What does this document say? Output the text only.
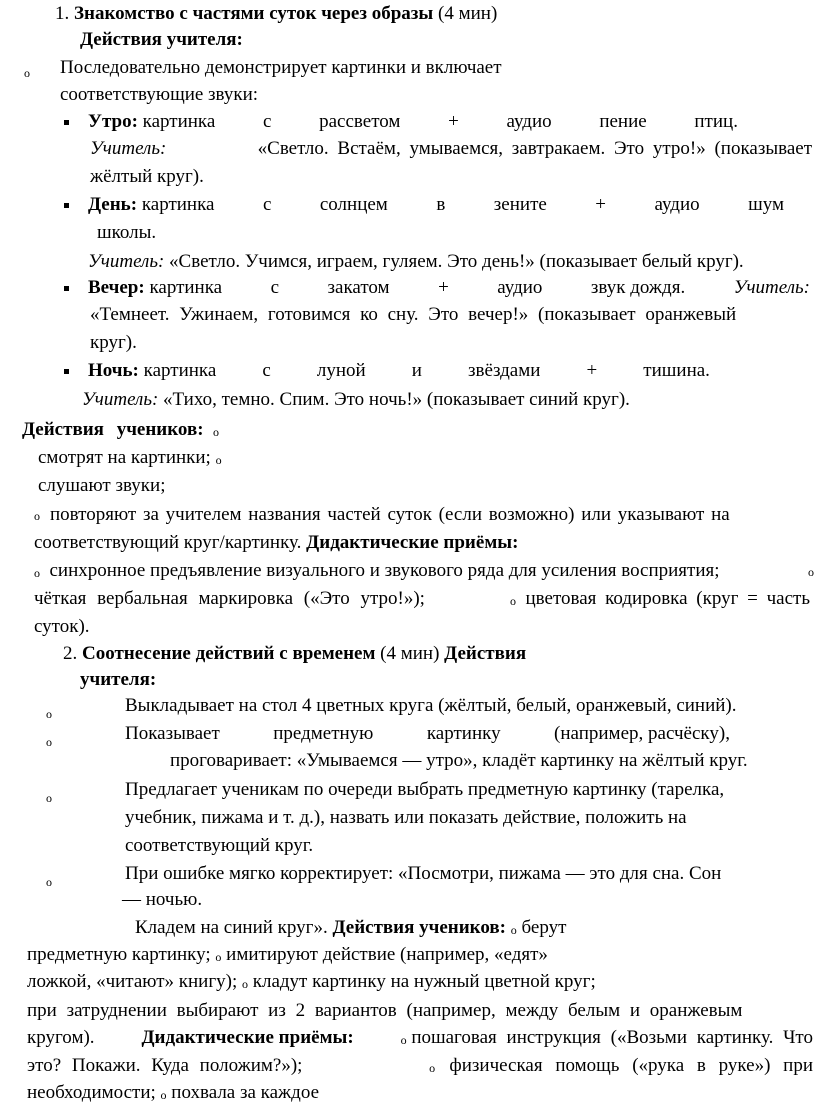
1. Знакомство с частями суток через образы (4 мин)
Действия учителя:
o Последовательно демонстрирует картинки и включает
соответствующие звуки:
Утро: картинка	с	рассветом	+	аудио	пение	птиц.
Учитель:	«Светло. Встаём, умываемся, завтракаем. Это утро!» (показывает
жёлтый круг).
День: картинка	с	солнцем	в	зените	+	аудио	шум
школы.
Учитель: «Светло. Учимся, играем, гуляем. Это день!» (показывает белый круг).
Вечер: картинка	с	закатом	+	аудио	звук дождя.	Учитель:
«Темнеет. Ужинаем, готовимся ко сну. Это вечер!» (показывает оранжевый
круг).
Ночь: картинка с луной и звёздами + тишина.
Учитель: «Тихо, темно. Спим. Это ночь!» (показывает синий круг).
Действия учеников: o
смотрят на картинки; o
слушают звуки;
o повторяют за учителем названия частей суток (если возможно) или указывают на
соответствующий круг/картинку. Дидактические приёмы:
o синхронное предъявление визуального и звукового ряда для усиления восприятия;	o
чёткая вербальная маркировка («Это утро!»);	o цветовая кодировка (круг = часть
суток).
2. Соотнесение действий с временем (4 мин) Действия
учителя:
o	Выкладывает на стол 4 цветных круга (жёлтый, белый, оранжевый, синий).
o	Показывает	предметную	картинку	(например, расчёску),
проговаривает: «Умываемся — утро», кладёт картинку на жёлтый круг.
o	Предлагает ученикам по очереди выбрать предметную картинку (тарелка,
учебник, пижама и т. д.), назвать или показать действие, положить на
соответствующий круг.
o	При ошибке мягко корректирует: «Посмотри, пижама — это для сна. Сон
— ночью.
Кладем на синий круг». Действия учеников: o берут
предметную картинку; o имитируют действие (например, «едят»
ложкой, «читают» книгу); o кладут картинку на нужный цветной круг;
при затруднении выбирают из 2 вариантов (например, между белым и оранжевым
кругом). Дидактические приёмы:	o пошаговая инструкция («Возьми картинку. Что
это? Покажи. Куда положим?»);	o физическая помощь («рука в руке») при
необходимости; o похвала за каждое
